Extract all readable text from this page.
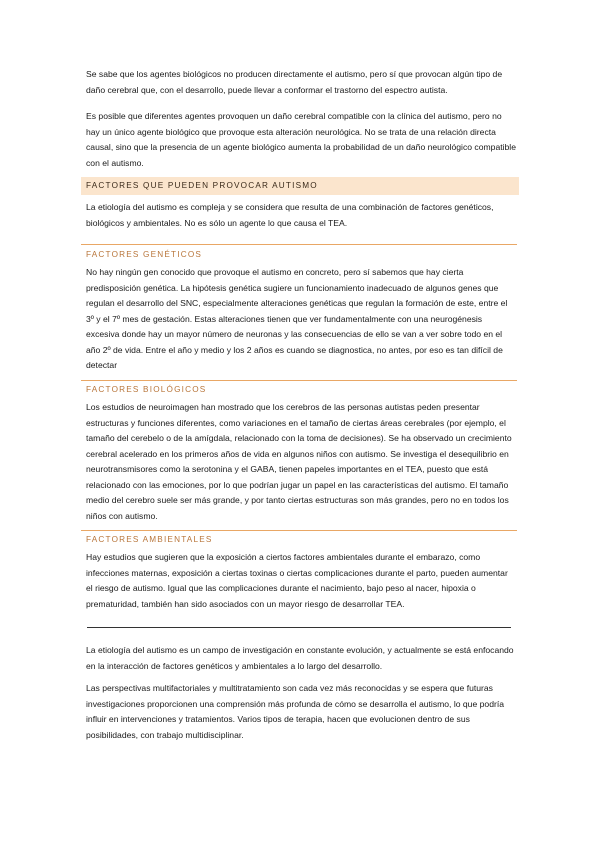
Se sabe que los agentes biológicos no producen directamente el autismo, pero sí que provocan algún tipo de daño cerebral que, con el desarrollo, puede llevar a conformar el trastorno del espectro autista.

Es posible que diferentes agentes provoquen un daño cerebral compatible con la clínica del autismo, pero no hay un único agente biológico que provoque esta alteración neurológica. No se trata de una relación directa causal, sino que la presencia de un agente biológico aumenta la probabilidad de un daño neurológico compatible con el autismo.

FACTORES QUE PUEDEN PROVOCAR AUTISMO

La etiología del autismo es compleja y se considera que resulta de una combinación de factores genéticos, biológicos y ambientales. No es sólo un agente lo que causa el TEA.

FACTORES GENÉTICOS

No hay ningún gen conocido que provoque el autismo en concreto, pero sí sabemos que hay cierta predisposición genética. La hipótesis genética sugiere un funcionamiento inadecuado de algunos genes que regulan el desarrollo del SNC, especialmente alteraciones genéticas que regulan la formación de este, entre el 3º y el 7º mes de gestación. Estas alteraciones tienen que ver fundamentalmente con una neurogénesis excesiva donde hay un mayor número de neuronas y las consecuencias de ello se van a ver sobre todo en el año 2º de vida. Entre el año y medio y los 2 años es cuando se diagnostica, no antes, por eso es tan difícil de detectar

FACTORES BIOLÓGICOS

Los estudios de neuroimagen han mostrado que los cerebros de las personas autistas peden presentar estructuras y funciones diferentes, como variaciones en el tamaño de ciertas áreas cerebrales (por ejemplo, el tamaño del cerebelo o de la amígdala, relacionado con la toma de decisiones). Se ha observado un crecimiento cerebral acelerado en los primeros años de vida en algunos niños con autismo. Se investiga el desequilibrio en neurotransmisores como la serotonina y el GABA, tienen papeles importantes en el TEA, puesto que está relacionado con las emociones, por lo que podrían jugar un papel en las características del autismo. El tamaño medio del cerebro suele ser más grande, y por tanto ciertas estructuras son más grandes, pero no en todos los niños con autismo.

FACTORES AMBIENTALES

Hay estudios que sugieren que la exposición a ciertos factores ambientales durante el embarazo, como infecciones maternas, exposición a ciertas toxinas o ciertas complicaciones durante el parto, pueden aumentar el riesgo de autismo. Igual que las complicaciones durante el nacimiento, bajo peso al nacer, hipoxia o prematuridad, también han sido asociados con un mayor riesgo de desarrollar TEA.

La etiología del autismo es un campo de investigación en constante evolución, y actualmente se está enfocando en la interacción de factores genéticos y ambientales a lo largo del desarrollo.

Las perspectivas multifactoriales y multitratamiento son cada vez más reconocidas y se espera que futuras investigaciones proporcionen una comprensión más profunda de cómo se desarrolla el autismo, lo que podría influir en intervenciones y tratamientos. Varios tipos de terapia, hacen que evolucionen dentro de sus posibilidades, con trabajo multidisciplinar.
